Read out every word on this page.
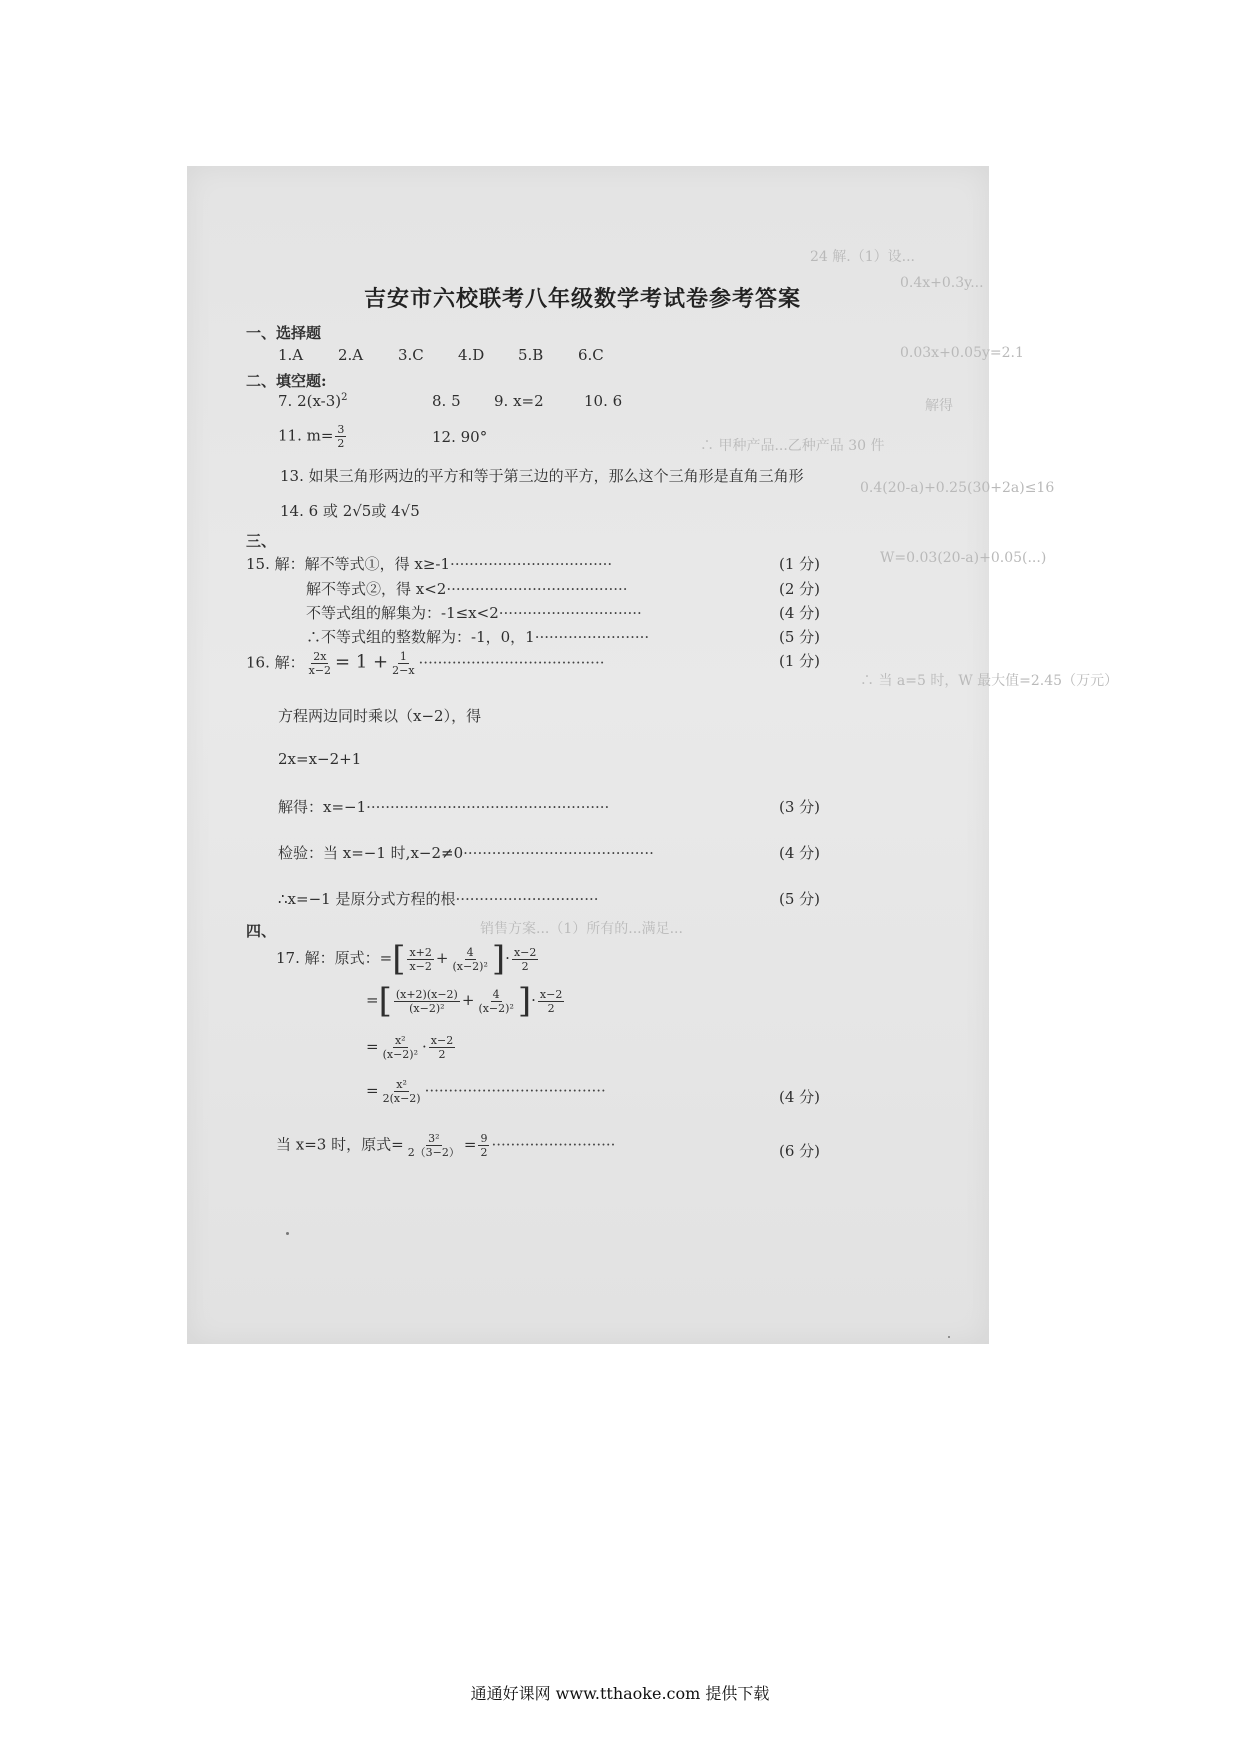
24 解.（1）设...
0.4x+0.3y...
0.03x+0.05y=2.1
解得
∴ 甲种产品...乙种产品 30 件
0.4(20-a)+0.25(30+2a)≤16
W=0.03(20-a)+0.05(...)
∴ 当 a=5 时，W 最大值=2.45（万元）
销售方案...（1）所有的...满足...
吉安市六校联考八年级数学考试卷参考答案
一、选择题
1.A 2.A 3.C 4.D 5.B 6.C
二、填空题:
7. $2(x-3)^2$	8. 5 9. x=2	10. 6
11. $m= \frac{3}{2}$	12. 90°
13. 如果三角形两边的平方和等于第三边的平方，那么这个三角形是直角三角形
14. 6 或 2√5或 4√5
三、
15. 解：解不等式①，得 x≥-1··································	(1 分)
解不等式②，得 x<2······································	(2 分)
不等式组的解集为：-1≤x<2······························	(4 分)
∴不等式组的整数解为：-1，0，1························	(5 分)
16. 解： $\frac{2x}{x-2} = 1 + \frac{1}{2-x}$ ·······································	(1 分)
方程两边同时乘以（x−2），得
2x=x−2+1
解得：x=−1···················································	(3 分)
检验：当 x=−1 时,x−2≠0········································	(4 分)
∴x=−1 是原分式方程的根······························	(5 分)
四、
17. 解：原式：=[ $\frac{x+2}{x-2} + \frac{4}{\text{(x−2)²}}$ ]· $\frac{x-2}{2}$
=[ $\frac{(x+2)(x-2)}{\text{(x−2)²}} + \frac{4}{\text{(x−2)²}}$ ]· $\frac{x-2}{2}$
= $\frac{\text{x²}}{\text{(x−2)²}} \cdot \frac{x-2}{2}$
= $\frac{\text{x²}}{2(x-2)}$ ······································	(4 分)
当 x=3 时，原式= $\frac{\text{3²}}{2(3-2)} = \frac{9}{2}$ ··························	(6 分)
通通好课网 www.tthaoke.com 提供下载
